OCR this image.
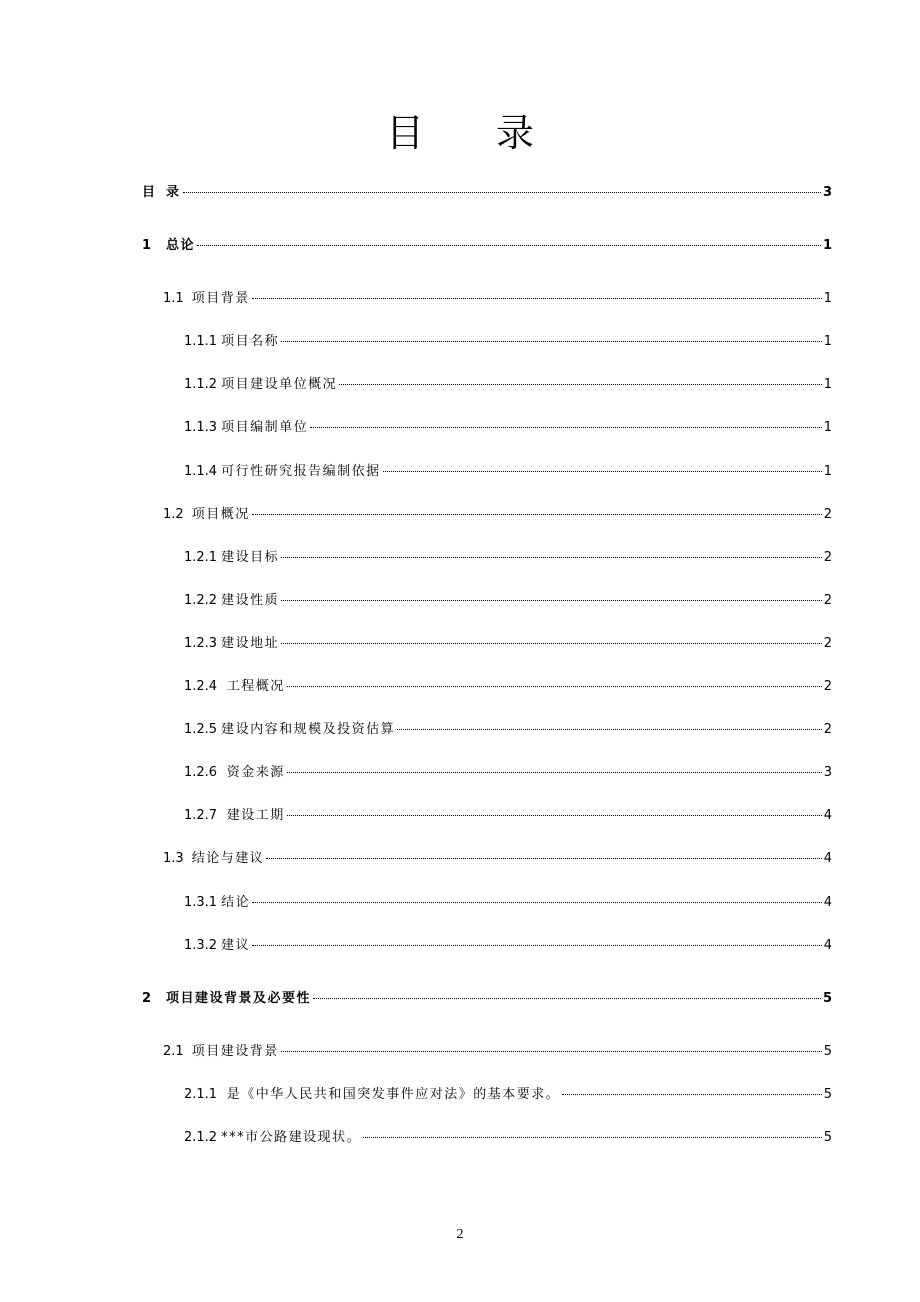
目 录
目 录	3
1	总论	1
1.1 项目背景	1
1.1.1 项目名称	1
1.1.2 项目建设单位概况	1
1.1.3 项目编制单位	1
1.1.4 可行性研究报告编制依据	1
1.2 项目概况	2
1.2.1 建设目标	2
1.2.2 建设性质	2
1.2.3 建设地址	2
1.2.4 工程概况	2
1.2.5 建设内容和规模及投资估算	2
1.2.6 资金来源	3
1.2.7 建设工期	4
1.3 结论与建议	4
1.3.1 结论	4
1.3.2 建议	4
2	项目建设背景及必要性	5
2.1 项目建设背景	5
2.1.1 是《中华人民共和国突发事件应对法》的基本要求。	5
2.1.2 ***市公路建设现状。	5
2
